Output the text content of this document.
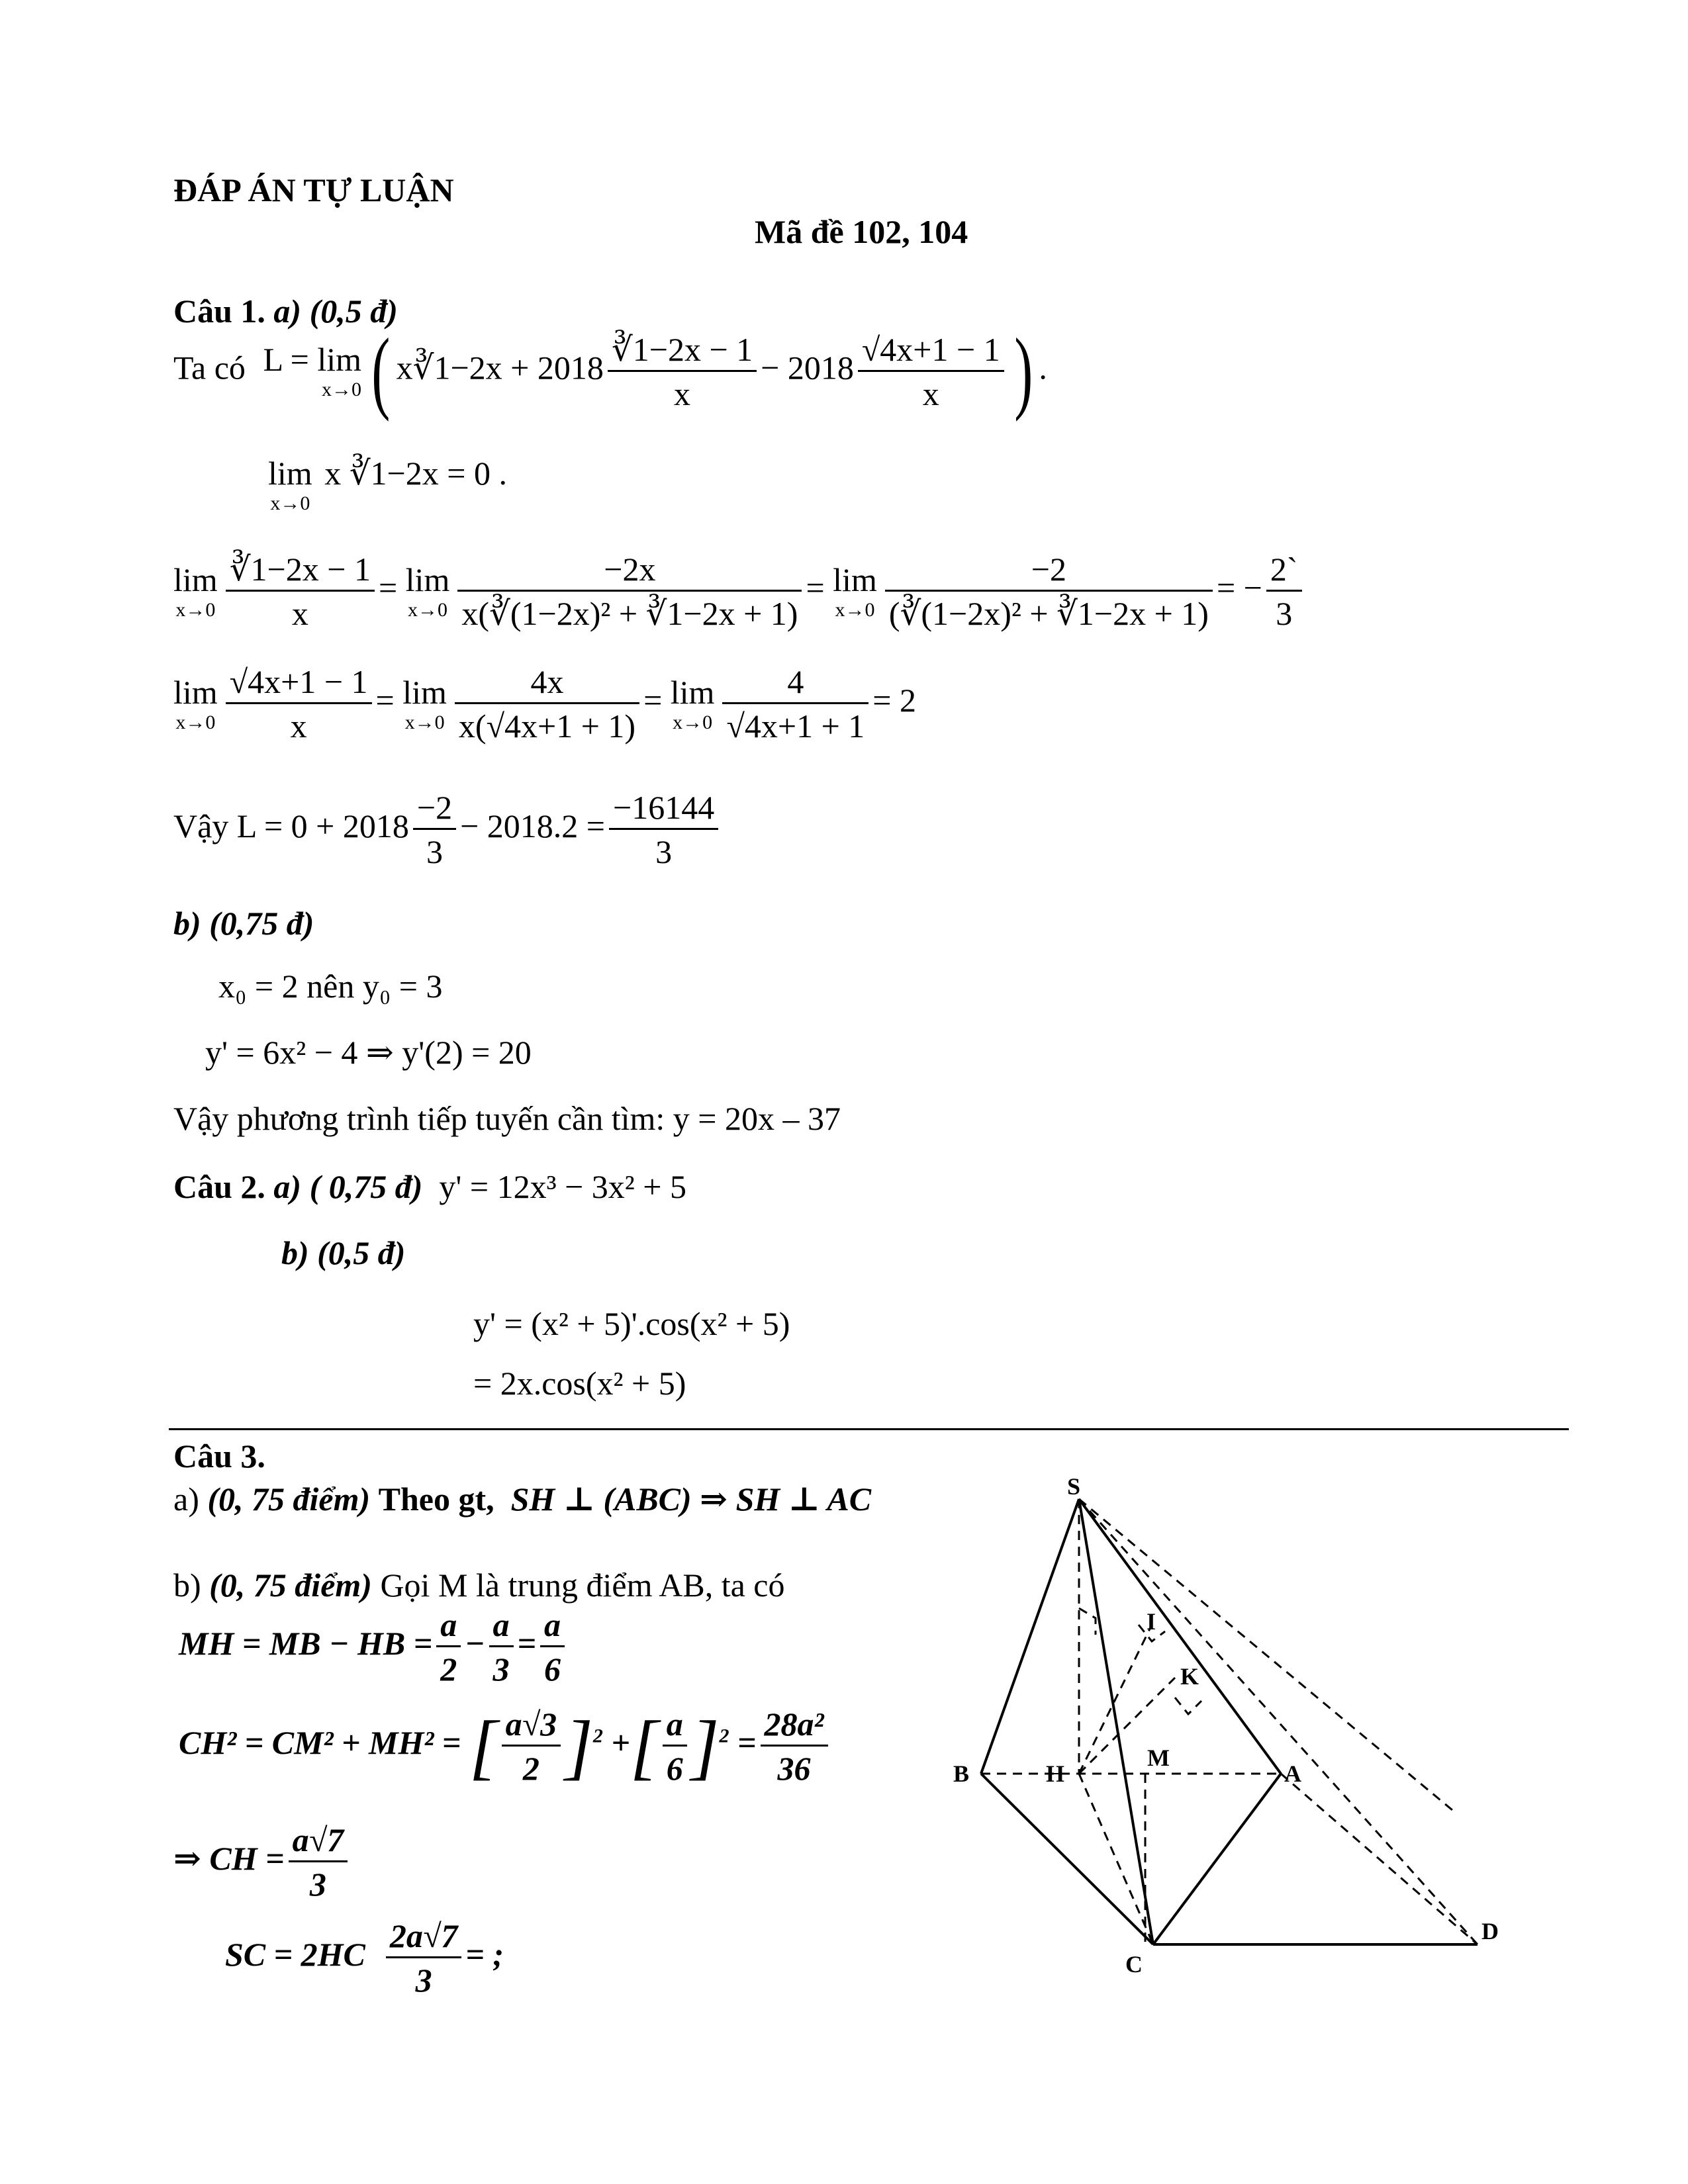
ĐÁP ÁN TỰ LUẬN
Mã đề 102, 104
Câu 1. a) (0,5 đ)
Ta có L = lim
x→0 ( x∛1−2x + $2018 \frac{∛1-2x - 1}{x} - 2018 \frac{√4x+1 - 1}{x}$ ) .
lim
x→0
x ∛1−2x = 0 .
lim
$x\to 0 \frac{∛1-2x - 1}{x} = \lim$
$x\to 0 \frac{-2x}{\text{x(∛(1−2x)² + ∛1−2x + 1)}} = \lim$
$x\to 0 \frac{-2}{\text{(∛(1−2x)² + ∛1−2x + 1)}}$ = − $\frac{2`}{3}$
lim
$x\to 0 \frac{√4x+1 - 1}{x} = \lim$
$x\to 0 \frac{4x}{x(√4x+1 + 1)} = \lim$
$x\to 0 \frac{4}{√4x+1 + 1} = 2$
Vậy $L = 0 + 2018 \frac{-2}{3} - 2018.2 = \frac{-16144}{3}$
b) (0,75 đ)
x₀ = 2 nên y₀ = 3
y' = 6x² − 4 ⇒ y'(2) = 20
Vậy phương trình tiếp tuyến cần tìm: y = 20x – 37
Câu 2. a) ( 0,75 đ) y' = 12x³ − 3x² + 5
b) (0,5 đ)
y' = (x² + 5)'.cos(x² + 5)
= 2x.cos(x² + 5)
Câu 3.
a) (0, 75 điểm) Theo gt, SH ⊥ (ABC) ⇒ SH ⊥ AC
b) (0, 75 điểm) Gọi M là trung điểm AB, ta có
MH = MB − HB = $\frac{a}{2} - \frac{a}{3} = \frac{a}{6}$
CH² = CM² + MH² = [ $\frac{a√3}{2} ]^2$ +[ $\frac{a}{6} ]^2 = \frac{\text{28a²}}{36}$
⇒ CH = $\frac{a√7}{3}$
SC = $2HC \frac{2a√7}{3}$ = ;
S
I
K
B	H
M
A
C
D
